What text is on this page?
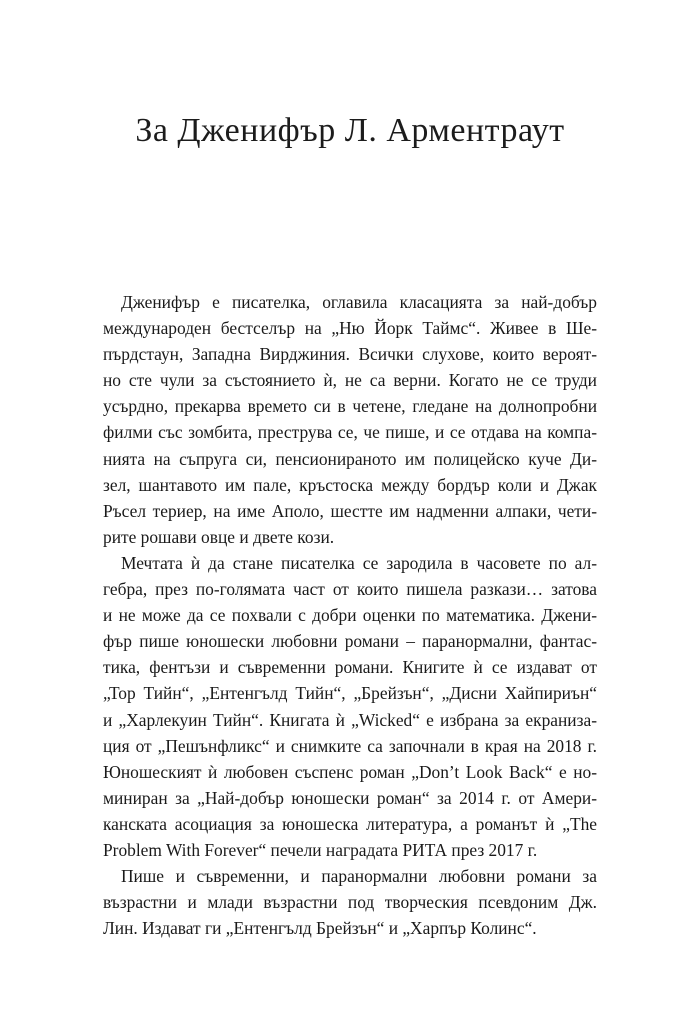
За Дженифър Л. Арментраут
Дженифър е писателка, оглавила класацията за най-добър
международен бестселър на „Ню Йорк Таймс“. Живее в Ше-
пърдстаун, Западна Вирджиния. Всички слухове, които вероят-
но сте чули за състоянието ѝ, не са верни. Когато не се труди
усърдно, прекарва времето си в четене, гледане на долнопробни
филми със зомбита, преструва се, че пише, и се отдава на компа-
нията на съпруга си, пенсионираното им полицейско куче Ди-
зел, шантавото им пале, кръстоска между бордър коли и Джак
Ръсел териер, на име Аполо, шестте им надменни алпаки, чети-
рите рошави овце и двете кози.
Мечтата ѝ да стане писателка се зародила в часовете по ал-
гебра, през по-голямата част от които пишела разкази… затова
и не може да се похвали с добри оценки по математика. Джени-
фър пише юношески любовни романи – паранормални, фантас-
тика, фентъзи и съвременни романи. Книгите ѝ се издават от
„Тор Тийн“, „Ентенгълд Тийн“, „Брейзън“, „Дисни Хайпириън“
и „Харлекуин Тийн“. Книгата ѝ „Wicked“ е избрана за екраниза-
ция от „Пешънфликс“ и снимките са започнали в края на 2018 г.
Юношеският ѝ любовен съспенс роман „Don’t Look Back“ е но-
миниран за „Най-добър юношески роман“ за 2014 г. от Амери-
канската асоциация за юношеска литература, а романът ѝ „The
Problem With Forever“ печели наградата РИТА през 2017 г.
Пише и съвременни, и паранормални любовни романи за
възрастни и млади възрастни под творческия псевдоним Дж.
Лин. Издават ги „Ентенгълд Брейзън“ и „Харпър Колинс“.
